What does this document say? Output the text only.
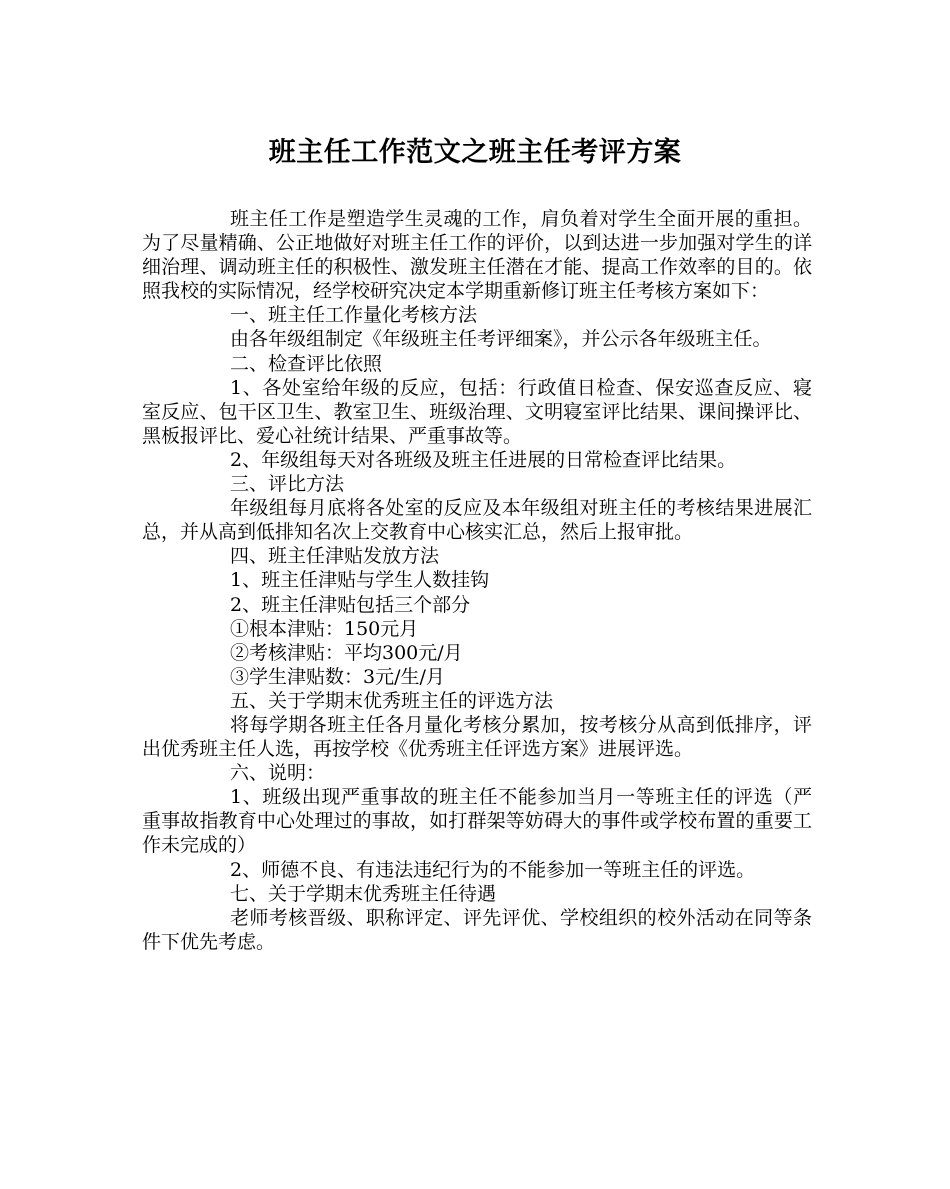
班主任工作范文之班主任考评方案

班主任工作是塑造学生灵魂的工作，肩负着对学生全面开展的重担。为了尽量精确、公正地做好对班主任工作的评价，以到达进一步加强对学生的详细治理、调动班主任的积极性、激发班主任潜在才能、提高工作效率的目的。依照我校的实际情况，经学校研究决定本学期重新修订班主任考核方案如下：

一、班主任工作量化考核方法

由各年级组制定《年级班主任考评细案》，并公示各年级班主任。

二、检查评比依照

1、各处室给年级的反应，包括：行政值日检查、保安巡查反应、寝室反应、包干区卫生、教室卫生、班级治理、文明寝室评比结果、课间操评比、黑板报评比、爱心社统计结果、严重事故等。

2、年级组每天对各班级及班主任进展的日常检查评比结果。

三、评比方法

年级组每月底将各处室的反应及本年级组对班主任的考核结果进展汇总，并从高到低排知名次上交教育中心核实汇总，然后上报审批。

四、班主任津贴发放方法

1、班主任津贴与学生人数挂钩

2、班主任津贴包括三个部分

①根本津贴：150元月

②考核津贴：平均300元/月

③学生津贴数：3元/生/月

五、关于学期末优秀班主任的评选方法

将每学期各班主任各月量化考核分累加，按考核分从高到低排序，评出优秀班主任人选，再按学校《优秀班主任评选方案》进展评选。

六、说明：

1、班级出现严重事故的班主任不能参加当月一等班主任的评选（严重事故指教育中心处理过的事故，如打群架等妨碍大的事件或学校布置的重要工作未完成的）

2、师德不良、有违法违纪行为的不能参加一等班主任的评选。

七、关于学期末优秀班主任待遇

老师考核晋级、职称评定、评先评优、学校组织的校外活动在同等条件下优先考虑。
